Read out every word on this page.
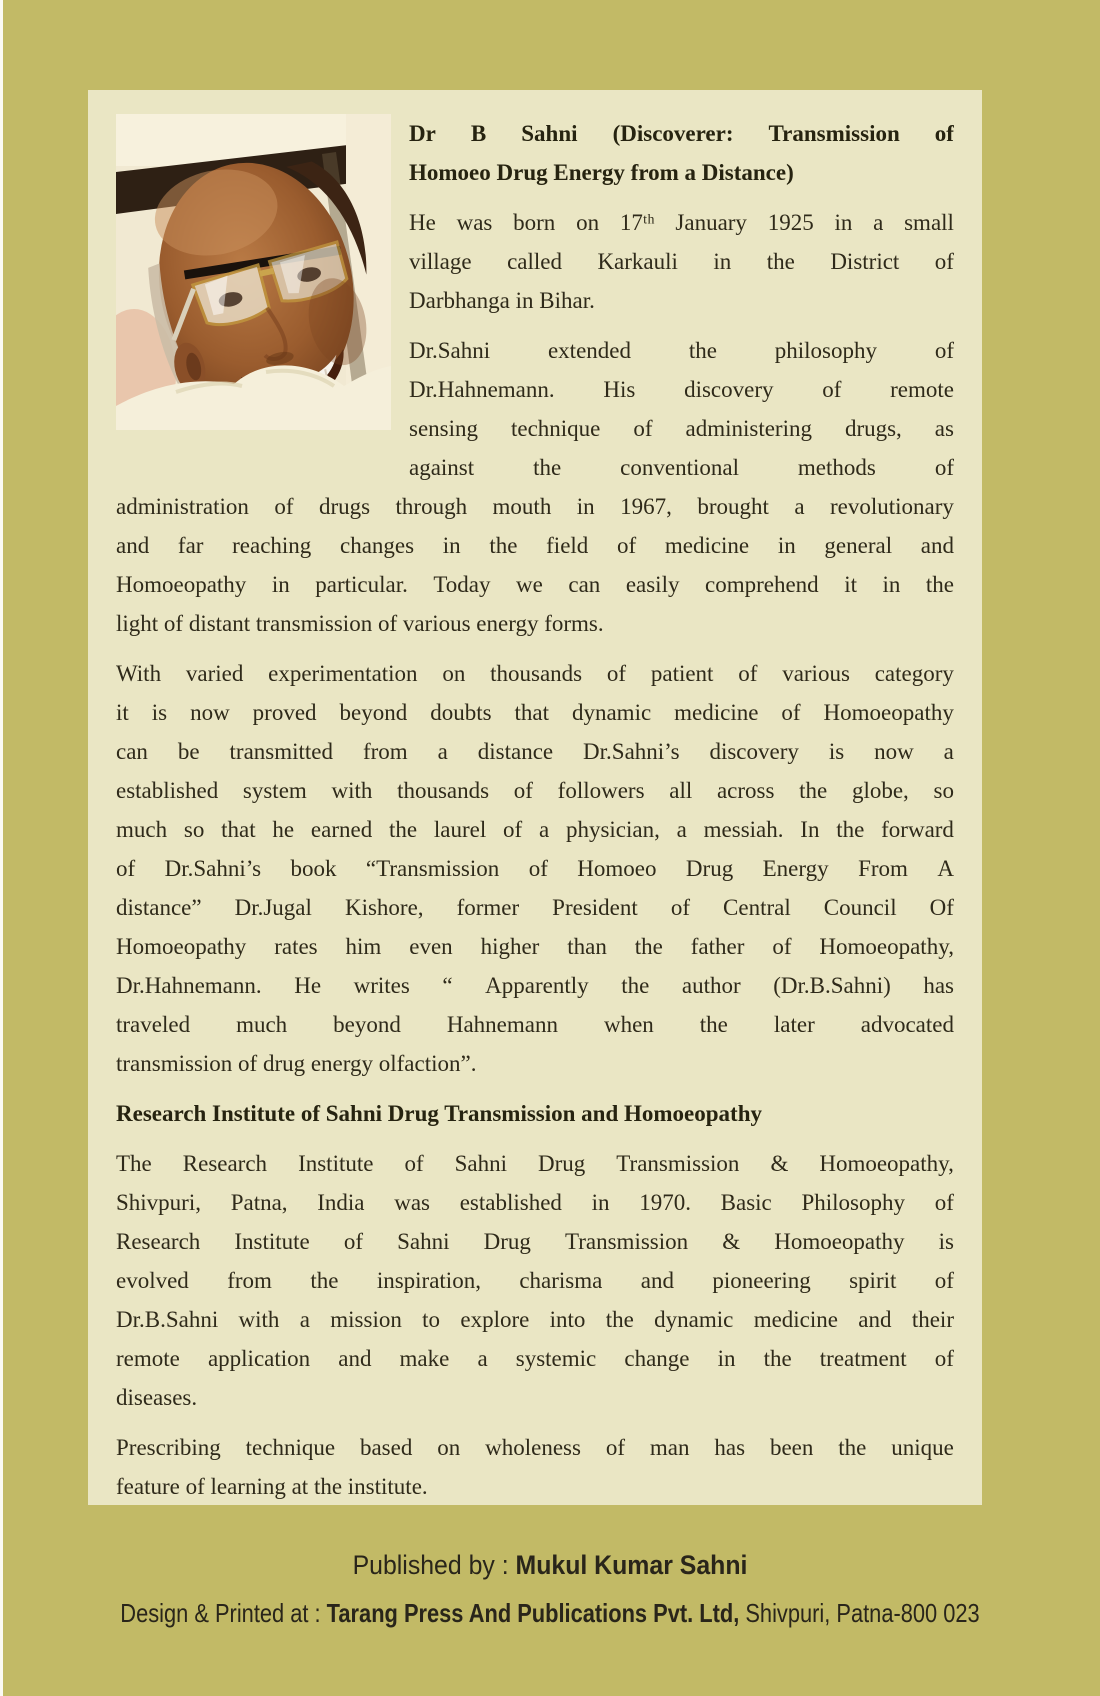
Dr B Sahni (Discoverer: Transmission of
Homoeo Drug Energy from a Distance)
He was born on 17ᵗʰ January 1925 in a small
village called Karkauli in the District of
Darbhanga in Bihar.
Dr.Sahni	extended	the	philosophy	of
Dr.Hahnemann. His discovery of remote
sensing technique of administering drugs, as
against	the	conventional	methods	of
administration of drugs through mouth in 1967, brought a revolutionary
and far reaching changes in the field of medicine in general and
Homoeopathy in particular. Today we can easily comprehend it in the
light of distant transmission of various energy forms.
With varied experimentation on thousands of patient of various category
it is now proved beyond doubts that dynamic medicine of Homoeopathy
can be transmitted from a distance Dr.Sahni’s discovery is now a
established system with thousands of followers all across the globe, so
much so that he earned the laurel of a physician, a messiah. In the forward
of Dr.Sahni’s book “Transmission of Homoeo Drug Energy From A
distance” Dr.Jugal Kishore, former President of Central Council Of
Homoeopathy rates him even higher than the father of Homoeopathy,
Dr.Hahnemann. He writes “ Apparently the author (Dr.B.Sahni) has
traveled much beyond Hahnemann when the later advocated
transmission of drug energy olfaction”.
Research Institute of Sahni Drug Transmission and Homoeopathy
The Research Institute of Sahni Drug Transmission & Homoeopathy,
Shivpuri, Patna, India was established in 1970. Basic Philosophy of
Research Institute of Sahni Drug Transmission & Homoeopathy is
evolved from the inspiration, charisma and pioneering spirit of
Dr.B.Sahni with a mission to explore into the dynamic medicine and their
remote application and make a systemic change in the treatment of
diseases.
Prescribing technique based on wholeness of man has been the unique
feature of learning at the institute.
Published by : Mukul Kumar Sahni
Design & Printed at : Tarang Press And Publications Pvt. Ltd, Shivpuri, Patna-800 023
